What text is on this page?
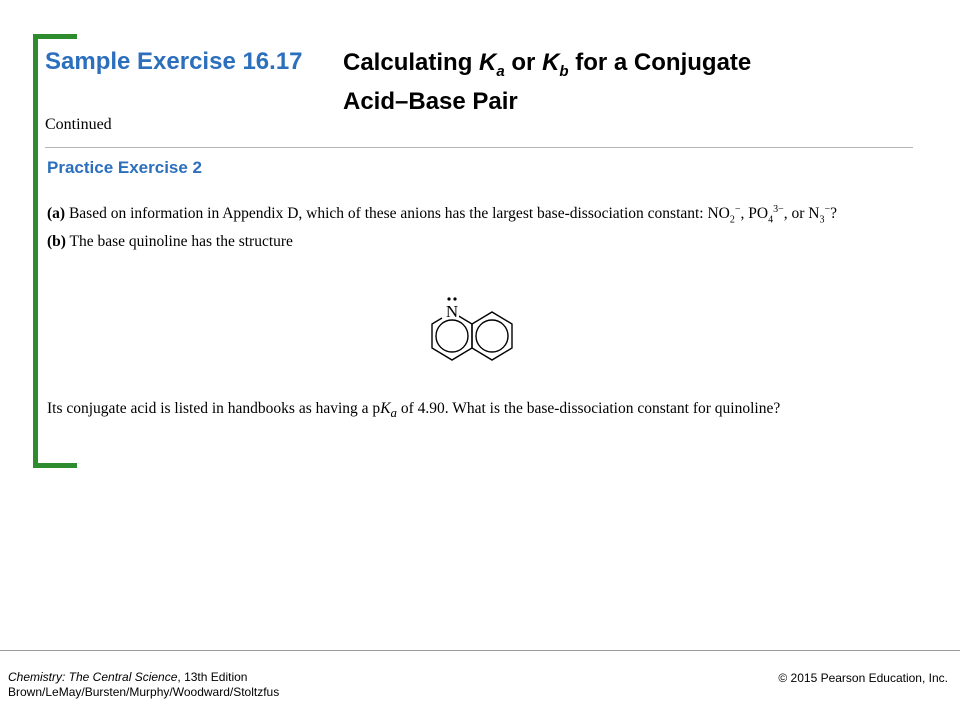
Sample Exercise 16.17 Calculating $K_a$ or $K_b$ for a Conjugate
Acid–Base Pair
Continued
Practice Exercise 2
(a) Based on information in Appendix D, which of these anions has the largest base-dissociation constant: $NO_2^-$, $PO_4^{3-}$, or $N_3^-$?
(b) The base quinoline has the structure
N
Its conjugate acid is listed in handbooks as having a $pK_a$ of 4.90. What is the base-dissociation constant for quinoline?
Chemistry: The Central Science, 13th Edition
Brown/LeMay/Bursten/Murphy/Woodward/Stoltzfus
© 2015 Pearson Education, Inc.
